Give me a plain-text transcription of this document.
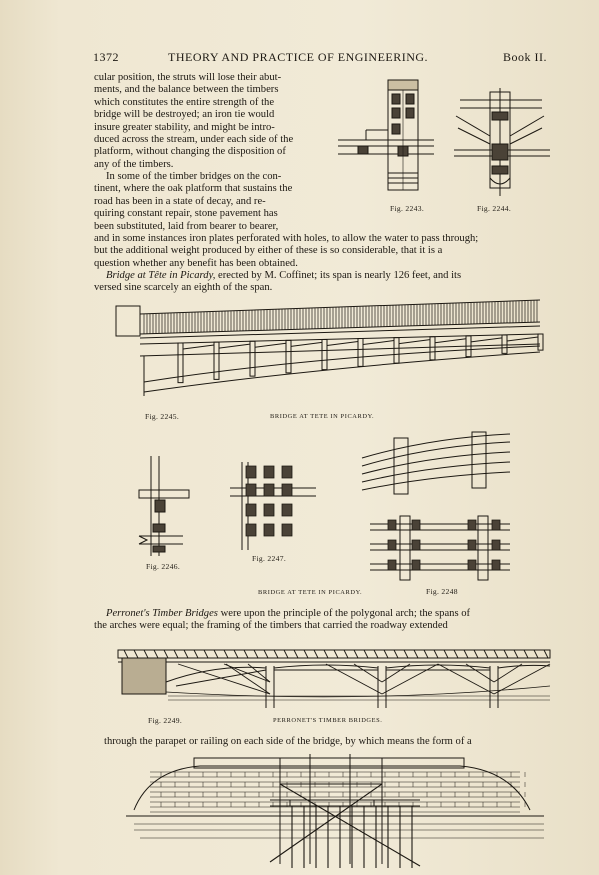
1372	THEORY AND PRACTICE OF ENGINEERING.	Book II.
cular position, the struts will lose their abut-
ments, and the balance between the timbers
which constitutes the entire strength of the
bridge will be destroyed; an iron tie would
insure greater stability, and might be intro-
duced across the stream, under each side of the
platform, without changing the disposition of
any of the timbers.
In some of the timber bridges on the con-
tinent, where the oak platform that sustains the
road has been in a state of decay, and re-
quiring constant repair, stone pavement has
been substituted, laid from bearer to bearer,
and in some instances iron plates perforated with holes, to allow the water to pass through;
but the additional weight produced by either of these is so considerable, that it is a
question whether any benefit has been obtained.
Bridge at Tête in Picardy, erected by M. Coffinet; its span is nearly 126 feet, and its
versed sine scarcely an eighth of the span.
Fig. 2243.	Fig. 2244.
Fig. 2245.	BRIDGE AT TETE IN PICARDY.
Fig. 2246.
Fig. 2247.
BRIDGE AT TETE IN PICARDY.	Fig. 2248
Perronet's Timber Bridges were upon the principle of the polygonal arch; the spans of
the arches were equal; the framing of the timbers that carried the roadway extended
Fig. 2249.	PERRONET'S TIMBER BRIDGES.
through the parapet or railing on each side of the bridge, by which means the form of a
